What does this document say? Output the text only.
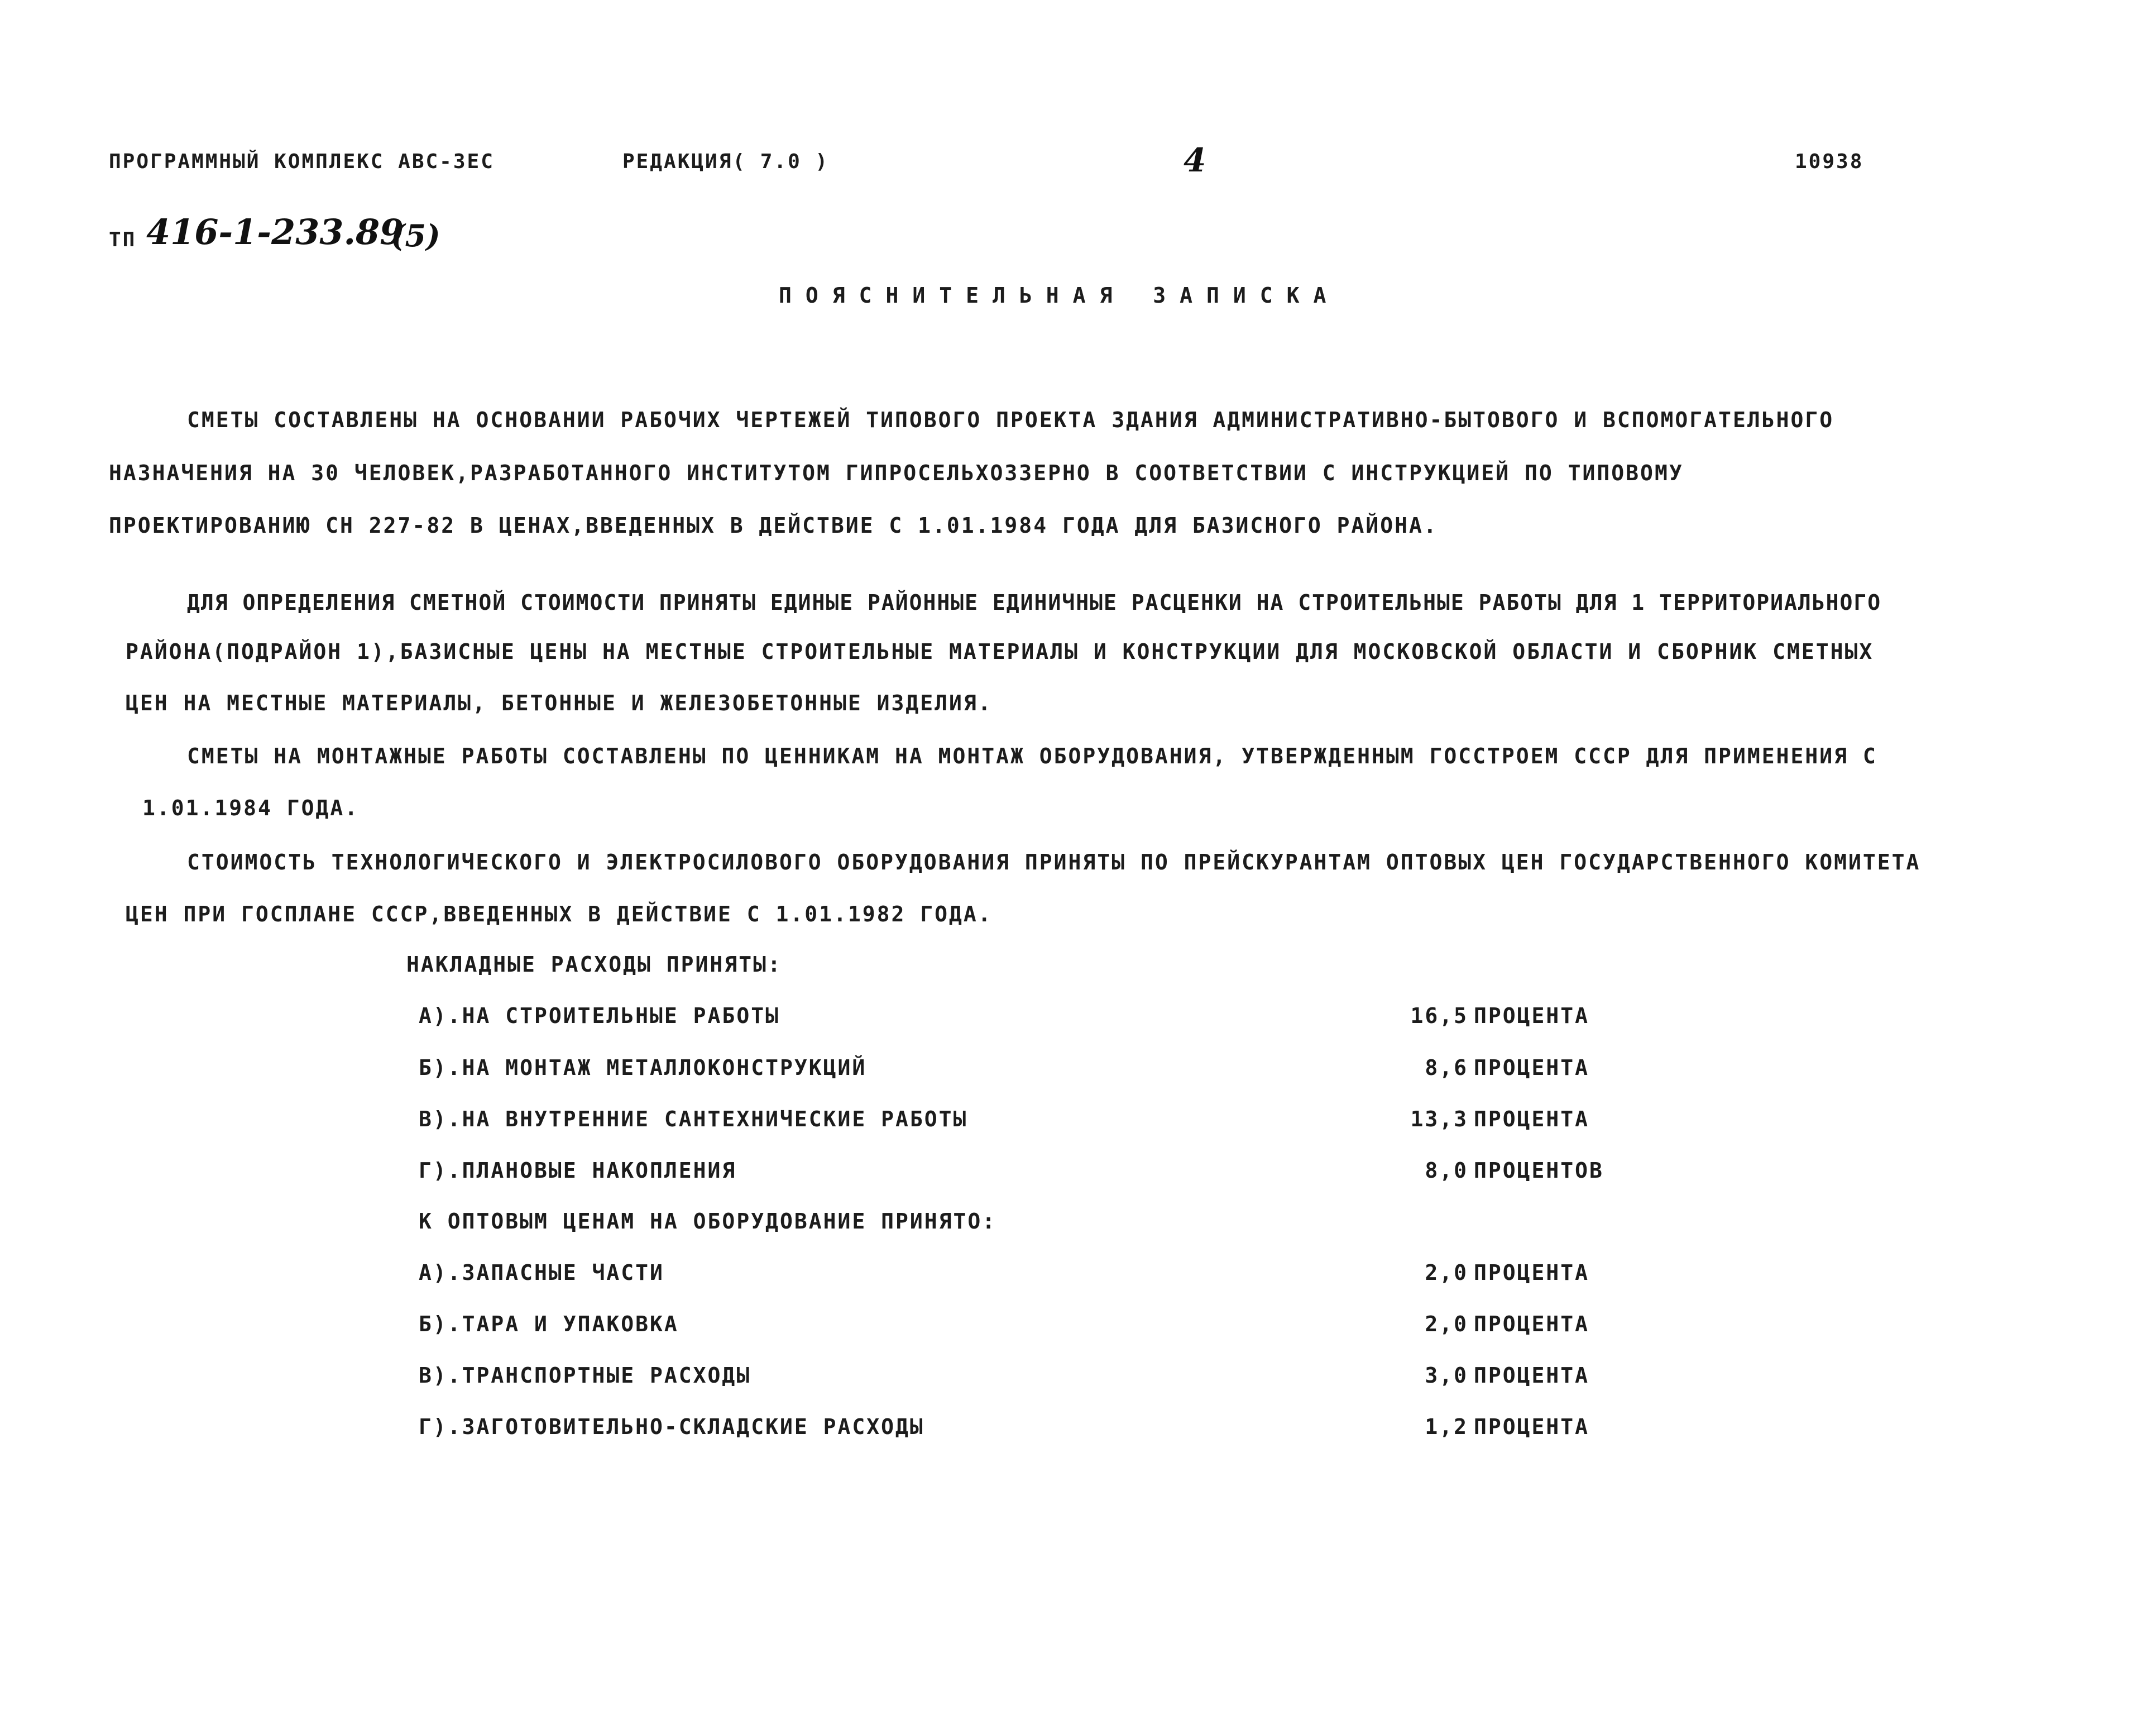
ПРОГРАММНЫЙ КОМПЛЕКС АВС-3ЕС	РЕДАКЦИЯ( 7.0 )	4	10938
ТП 416-1-233.89
(5)
ПОЯСНИТЕЛЬНАЯ ЗАПИСКА
СМЕТЫ СОСТАВЛЕНЫ НА ОСНОВАНИИ РАБОЧИХ ЧЕРТЕЖЕЙ ТИПОВОГО ПРОЕКТА ЗДАНИЯ АДМИНИСТРАТИВНО-БЫТОВОГО И ВСПОМОГАТЕЛЬНОГО
НАЗНАЧЕНИЯ НА 30 ЧЕЛОВЕК,РАЗРАБОТАННОГО ИНСТИТУТОМ ГИПРОСЕЛЬХОЗЗЕРНО В СООТВЕТСТВИИ С ИНСТРУКЦИЕЙ ПО ТИПОВОМУ
ПРОЕКТИРОВАНИЮ СН 227-82 В ЦЕНАХ,ВВЕДЕННЫХ В ДЕЙСТВИЕ С 1.01.1984 ГОДА ДЛЯ БАЗИСНОГО РАЙОНА.
ДЛЯ ОПРЕДЕЛЕНИЯ СМЕТНОЙ СТОИМОСТИ ПРИНЯТЫ ЕДИНЫЕ РАЙОННЫЕ ЕДИНИЧНЫЕ РАСЦЕНКИ НА СТРОИТЕЛЬНЫЕ РАБОТЫ ДЛЯ 1 ТЕРРИТОРИАЛЬНОГО
РАЙОНА(ПОДРАЙОН 1),БАЗИСНЫЕ ЦЕНЫ НА МЕСТНЫЕ СТРОИТЕЛЬНЫЕ МАТЕРИАЛЫ И КОНСТРУКЦИИ ДЛЯ МОСКОВСКОЙ ОБЛАСТИ И СБОРНИК СМЕТНЫХ
ЦЕН НА МЕСТНЫЕ МАТЕРИАЛЫ, БЕТОННЫЕ И ЖЕЛЕЗОБЕТОННЫЕ ИЗДЕЛИЯ.
СМЕТЫ НА МОНТАЖНЫЕ РАБОТЫ СОСТАВЛЕНЫ ПО ЦЕННИКАМ НА МОНТАЖ ОБОРУДОВАНИЯ, УТВЕРЖДЕННЫМ ГОССТРОЕМ СССР ДЛЯ ПРИМЕНЕНИЯ С
1.01.1984 ГОДА.
СТОИМОСТЬ ТЕХНОЛОГИЧЕСКОГО И ЭЛЕКТРОСИЛОВОГО ОБОРУДОВАНИЯ ПРИНЯТЫ ПО ПРЕЙСКУРАНТАМ ОПТОВЫХ ЦЕН ГОСУДАРСТВЕННОГО КОМИТЕТА
ЦЕН ПРИ ГОСПЛАНЕ СССР,ВВЕДЕННЫХ В ДЕЙСТВИЕ С 1.01.1982 ГОДА.
НАКЛАДНЫЕ РАСХОДЫ ПРИНЯТЫ:
А).НА СТРОИТЕЛЬНЫЕ РАБОТЫ	16,5 ПРОЦЕНТА
Б).НА МОНТАЖ МЕТАЛЛОКОНСТРУКЦИЙ	8,6 ПРОЦЕНТА
В).НА ВНУТРЕННИЕ САНТЕХНИЧЕСКИЕ РАБОТЫ	13,3 ПРОЦЕНТА
Г).ПЛАНОВЫЕ НАКОПЛЕНИЯ	8,0 ПРОЦЕНТОВ
К ОПТОВЫМ ЦЕНАМ НА ОБОРУДОВАНИЕ ПРИНЯТО:
А).ЗАПАСНЫЕ ЧАСТИ	2,0 ПРОЦЕНТА
Б).ТАРА И УПАКОВКА	2,0 ПРОЦЕНТА
В).ТРАНСПОРТНЫЕ РАСХОДЫ	3,0 ПРОЦЕНТА
Г).ЗАГОТОВИТЕЛЬНО-СКЛАДСКИЕ РАСХОДЫ	1,2 ПРОЦЕНТА
